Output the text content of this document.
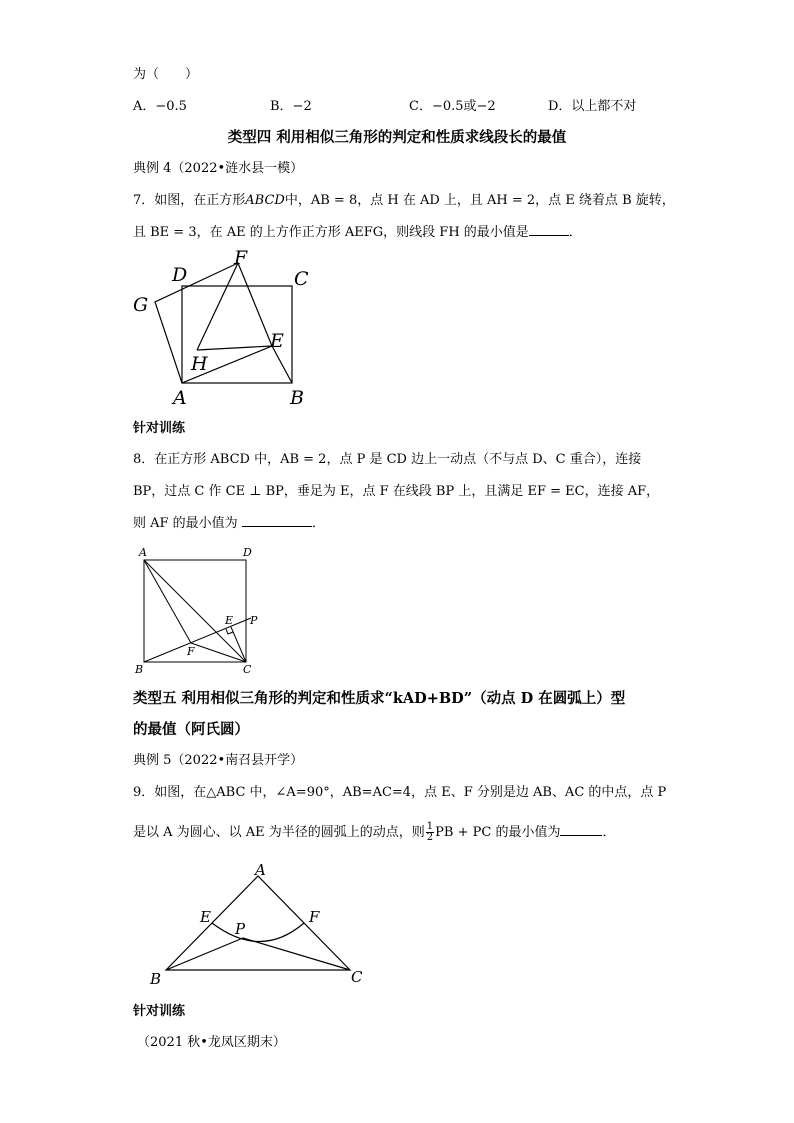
为（　　）
A．−0.5	B．−2	C．−0.5或−2	D．以上都不对
类型四 利用相似三角形的判定和性质求线段长的最值
典例 4（2022•涟水县一模）
7．如图，在正方形ABCD中，AB = 8，点 H 在 AD 上，且 AH = 2，点 E 绕着点 B 旋转，
且 BE = 3，在 AE 的上方作正方形 AEFG，则线段 FH 的最小值是	．
D
F
C
G
E
H
A	B
针对训练
8．在正方形 ABCD 中，AB = 2，点 P 是 CD 边上一动点（不与点 D、C 重合），连接
BP，过点 C 作 CE ⊥ BP，垂足为 E，点 F 在线段 BP 上，且满足 EF = EC，连接 AF，
则 AF 的最小值为	．
A	D
E P
F
B	C
类型五 利用相似三角形的判定和性质求“kAD+BD”（动点 D 在圆弧上）型
的最值（阿氏圆）
典例 5（2022•南召县开学）
9．如图，在△ABC 中，∠A=90°，AB=AC=4，点 E、F 分别是边 AB、AC 的中点，点 P
是以 A 为圆心、以 AE 为半径的圆弧上的动点，则 $\frac{1}{2}$ PB + PC 的最小值为	．
A
E	F
P
B	C
针对训练
（2021 秋•龙凤区期末）
